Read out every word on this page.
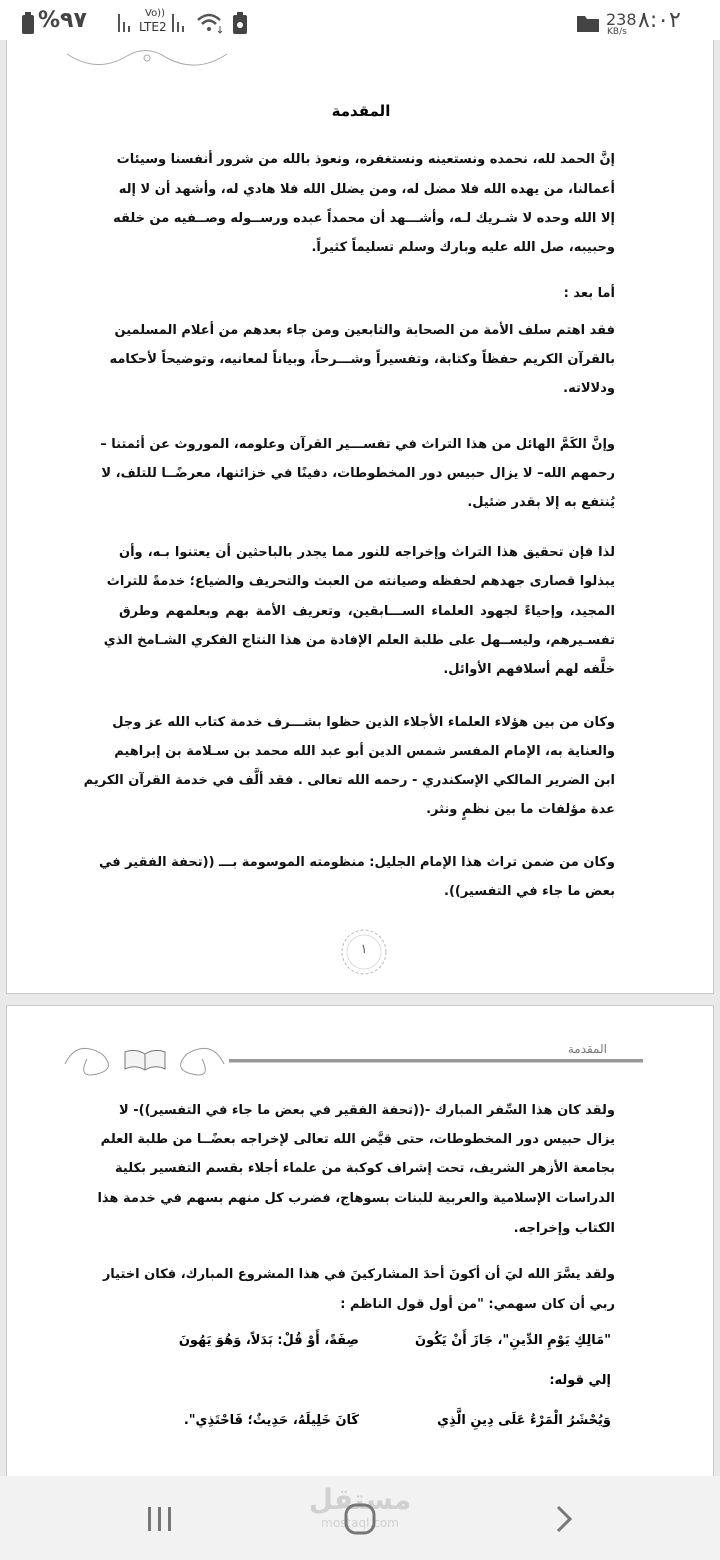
%٩٧	Vo))
LTE2	238
KB/s ٨:٠٢
المقدمة
إنَّ الحمد لله، نحمده ونستعينه ونستغفره، ونعوذ بالله من شرور أنفسنا وسيئات
أعمالنا، من يهده الله فلا مضل له، ومن يضلل الله فلا هادي له، وأشهد أن لا إله
إلا الله وحده لا شـريك لـه، وأشـــهد أن محمداً عبده ورســوله وصــفيه من خلقه
وحبيبه، صل الله عليه وبارك وسلم تسليماً كثيراً.
أما بعد :
فقد اهتم سلف الأمة من الصحابة والتابعين ومن جاء بعدهم من أعلام المسلمين
بالقرآن الكريم حفظاً وكتابة، وتفسيراً وشـــرحاً، وبياناً لمعانيه، وتوضيحاً لأحكامه
ودلالاته.
وإنَّ الكَمَّ الهائل من هذا التراث في تفســـير القرآن وعلومه، الموروث عن أئمتنا –
رحمهم الله– لا يزال حبيس دور المخطوطات، دفينًا في خزائنها، معرضًــا للتلف، لا
يُنتفع به إلا بقدر ضئيل.
لذا فإن تحقيق هذا التراث وإخراجه للنور مما يجدر بالباحثين أن يعتنوا بـه، وأن
يبذلوا قصارى جهدهم لحفظه وصيانته من العبث والتحريف والضياع؛ خدمةً للتراث
المجيد، وإحياءً لجهود العلماء الســـابقين، وتعريف الأمة بهم وبعلمهم وطرق
تفسـيرهم، وليســهل على طلبة العلم الإفادة من هذا النتاج الفكري الشـامخ الذي
خلَّفه لهم أسلافهم الأوائل.
وكان من بين هؤلاء العلماء الأجلاء الذين حظوا بشـــرف خدمة كتاب الله عز وجل
والعناية به، الإمام المفسر شمس الدين أبو عبد الله محمد بن سـلامة بن إبراهيم
ابن الضرير المالكي الإسكندري - رحمه الله تعالى . فقد ألَّف في خدمة القرآن الكريم
عدة مؤلفات ما بين نظمٍ ونثر.
وكان من ضمن تراث هذا الإمام الجليل: منظومته الموسومة بـــ ((تحفة الفقير في
بعض ما جاء في التفسير)).
١
المقدمة
ولقد كان هذا السِّفر المبارك -((تحفة الفقير في بعض ما جاء في التفسير))- لا
يزال حبيس دور المخطوطات، حتى قيَّض الله تعالى لإخراجه بعضًــا من طلبة العلم
بجامعة الأزهر الشريف، تحت إشراف كوكبة من علماء أجلاء بقسم التفسير بكلية
الدراسات الإسلامية والعربية للبنات بسوهاج، فضرب كل منهم بسهم في خدمة هذا
الكتاب وإخراجه.
ولقد يسَّرَ الله ليَ أن أكونَ أحدَ المشاركينَ في هذا المشروع المبارك، فكان اختيار
ربي أن كان سهمي: "من أول قول الناظم :
"مَالِكِ يَوْمِ الدِّينِ"، جَازَ أَنْ يَكُونَ
صِفَةً، أَوْ قُلْ: بَدَلاً، وَهُوَ يَهُونَ
إلي قوله:
وَيُحْشَرُ الْمَرْءُ عَلَى دِينِ الَّذِي
كَانَ خَلِيلَهُ، حَدِيثٌ؛ فَاحْتَذِي".
مستقل
mostaql.com
